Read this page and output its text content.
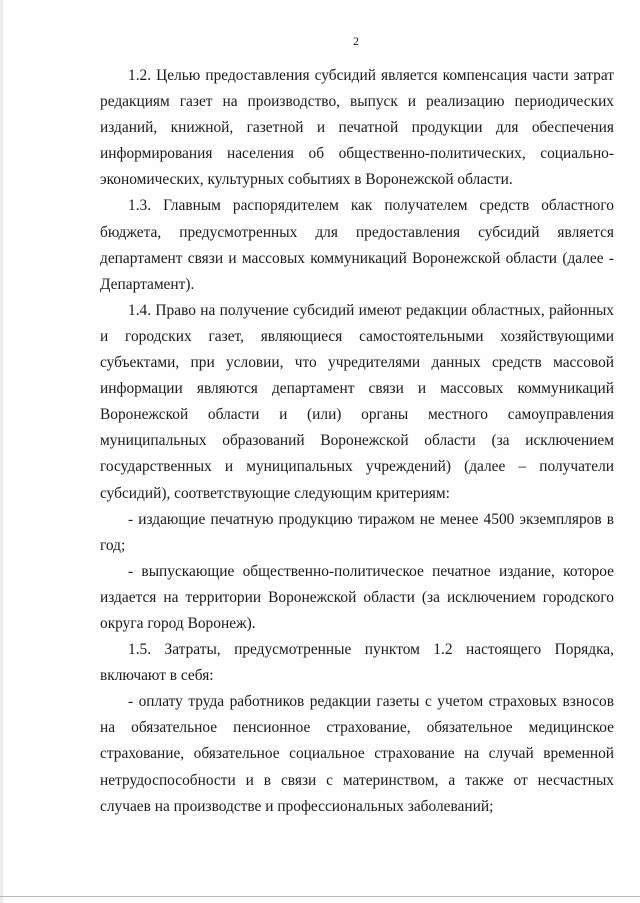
2

1.2. Целью предоставления субсидий является компенсация части затрат редакциям газет на производство, выпуск и реализацию периодических изданий, книжной, газетной и печатной продукции для обеспечения информирования населения об общественно-политических, социально-экономических, культурных событиях в Воронежской области.

1.3. Главным распорядителем как получателем средств областного бюджета, предусмотренных для предоставления субсидий является департамент связи и массовых коммуникаций Воронежской области (далее - Департамент).

1.4. Право на получение субсидий имеют редакции областных, районных и городских газет, являющиеся самостоятельными хозяйствующими субъектами, при условии, что учредителями данных средств массовой информации являются департамент связи и массовых коммуникаций Воронежской области и (или) органы местного самоуправления муниципальных образований Воронежской области (за исключением государственных и муниципальных учреждений) (далее – получатели субсидий), соответствующие следующим критериям:

- издающие печатную продукцию тиражом не менее 4500 экземпляров в год;

- выпускающие общественно-политическое печатное издание, которое издается на территории Воронежской области (за исключением городского округа город Воронеж).

1.5. Затраты, предусмотренные пунктом 1.2 настоящего Порядка, включают в себя:

- оплату труда работников редакции газеты с учетом страховых взносов на обязательное пенсионное страхование, обязательное медицинское страхование, обязательное социальное страхование на случай временной нетрудоспособности и в связи с материнством, а также от несчастных случаев на производстве и профессиональных заболеваний;
